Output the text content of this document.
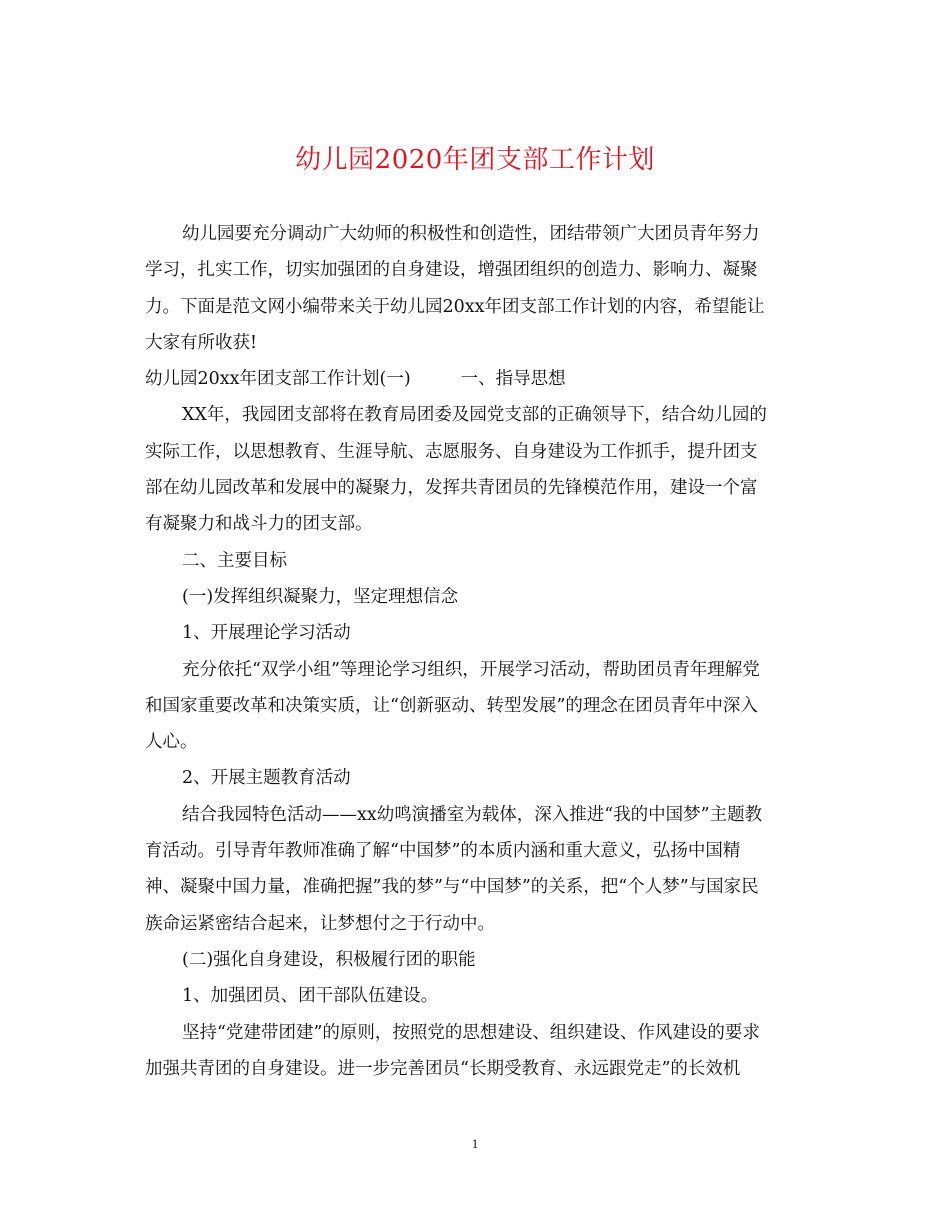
幼儿园2020年团支部工作计划

幼儿园要充分调动广大幼师的积极性和创造性，团结带领广大团员青年努力

学习，扎实工作，切实加强团的自身建设，增强团组织的创造力、影响力、凝聚

力。下面是范文网小编带来关于幼儿园20xx年团支部工作计划的内容，希望能让

大家有所收获!

幼儿园20xx年团支部工作计划(一)	一、指导思想

XX年，我园团支部将在教育局团委及园党支部的正确领导下，结合幼儿园的

实际工作，以思想教育、生涯导航、志愿服务、自身建设为工作抓手，提升团支

部在幼儿园改革和发展中的凝聚力，发挥共青团员的先锋模范作用，建设一个富

有凝聚力和战斗力的团支部。

二、主要目标

(一)发挥组织凝聚力，坚定理想信念

1、开展理论学习活动

充分依托“双学小组”等理论学习组织，开展学习活动，帮助团员青年理解党

和国家重要改革和决策实质，让“创新驱动、转型发展”的理念在团员青年中深入

人心。

2、开展主题教育活动

结合我园特色活动——xx幼鸣演播室为载体，深入推进“我的中国梦”主题教

育活动。引导青年教师准确了解“中国梦”的本质内涵和重大意义，弘扬中国精

神、凝聚中国力量，准确把握”我的梦”与“中国梦”的关系，把“个人梦”与国家民

族命运紧密结合起来，让梦想付之于行动中。

(二)强化自身建设，积极履行团的职能

1、加强团员、团干部队伍建设。

坚持“党建带团建”的原则，按照党的思想建设、组织建设、作风建设的要求

加强共青团的自身建设。进一步完善团员“长期受教育、永远跟党走”的长效机

1
